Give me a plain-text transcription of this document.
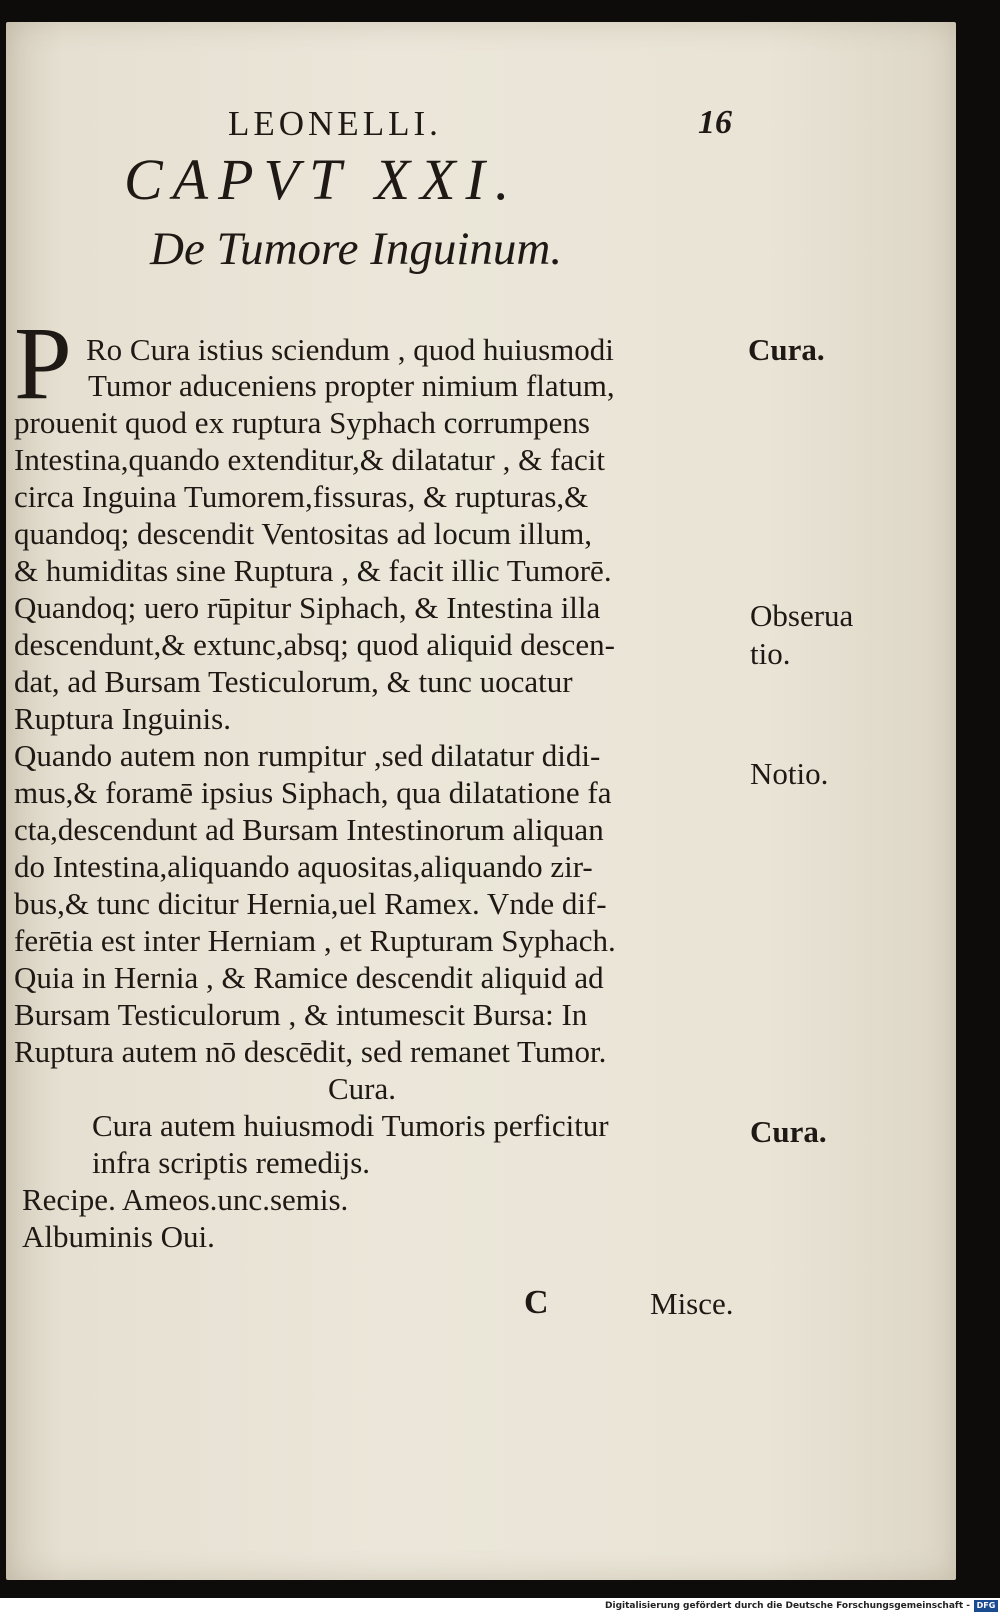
LEONELLI.	16
CAPVT XXI.
De Tumore Inguinum.
P Ro Cura istius sciendum , quod huiusmodi
Tumor aduceniens propter nimium flatum,
prouenit quod ex ruptura Syphach corrumpens
Intestina,quando extenditur,& dilatatur , & facit
circa Inguina Tumorem,fissuras, & rupturas,&
quandoq; descendit Ventositas ad locum illum,
& humiditas sine Ruptura , & facit illic Tumorē.
Quandoq; uero rūpitur Siphach, & Intestina illa
descendunt,& extunc,absq; quod aliquid descen-
dat, ad Bursam Testiculorum, & tunc uocatur
Ruptura Inguinis.
Quando autem non rumpitur ,sed dilatatur didi-
mus,& foramē ipsius Siphach, qua dilatatione fa
cta,descendunt ad Bursam Intestinorum aliquan
do Intestina,aliquando aquositas,aliquando zir-
bus,& tunc dicitur Hernia,uel Ramex. Vnde dif-
ferētia est inter Herniam , et Rupturam Syphach.
Quia in Hernia , & Ramice descendit aliquid ad
Bursam Testiculorum , & intumescit Bursa: In
Ruptura autem nō descēdit, sed remanet Tumor.
Cura.
Cura autem huiusmodi Tumoris perficitur
infra scriptis remedijs.
Recipe. Ameos.unc.semis.
Albuminis Oui.
Cura.
Obserua
tio.
Notio.
Cura.
C	Misce.
Digitalisierung gefördert durch die Deutsche Forschungsgemeinschaft - DFG
